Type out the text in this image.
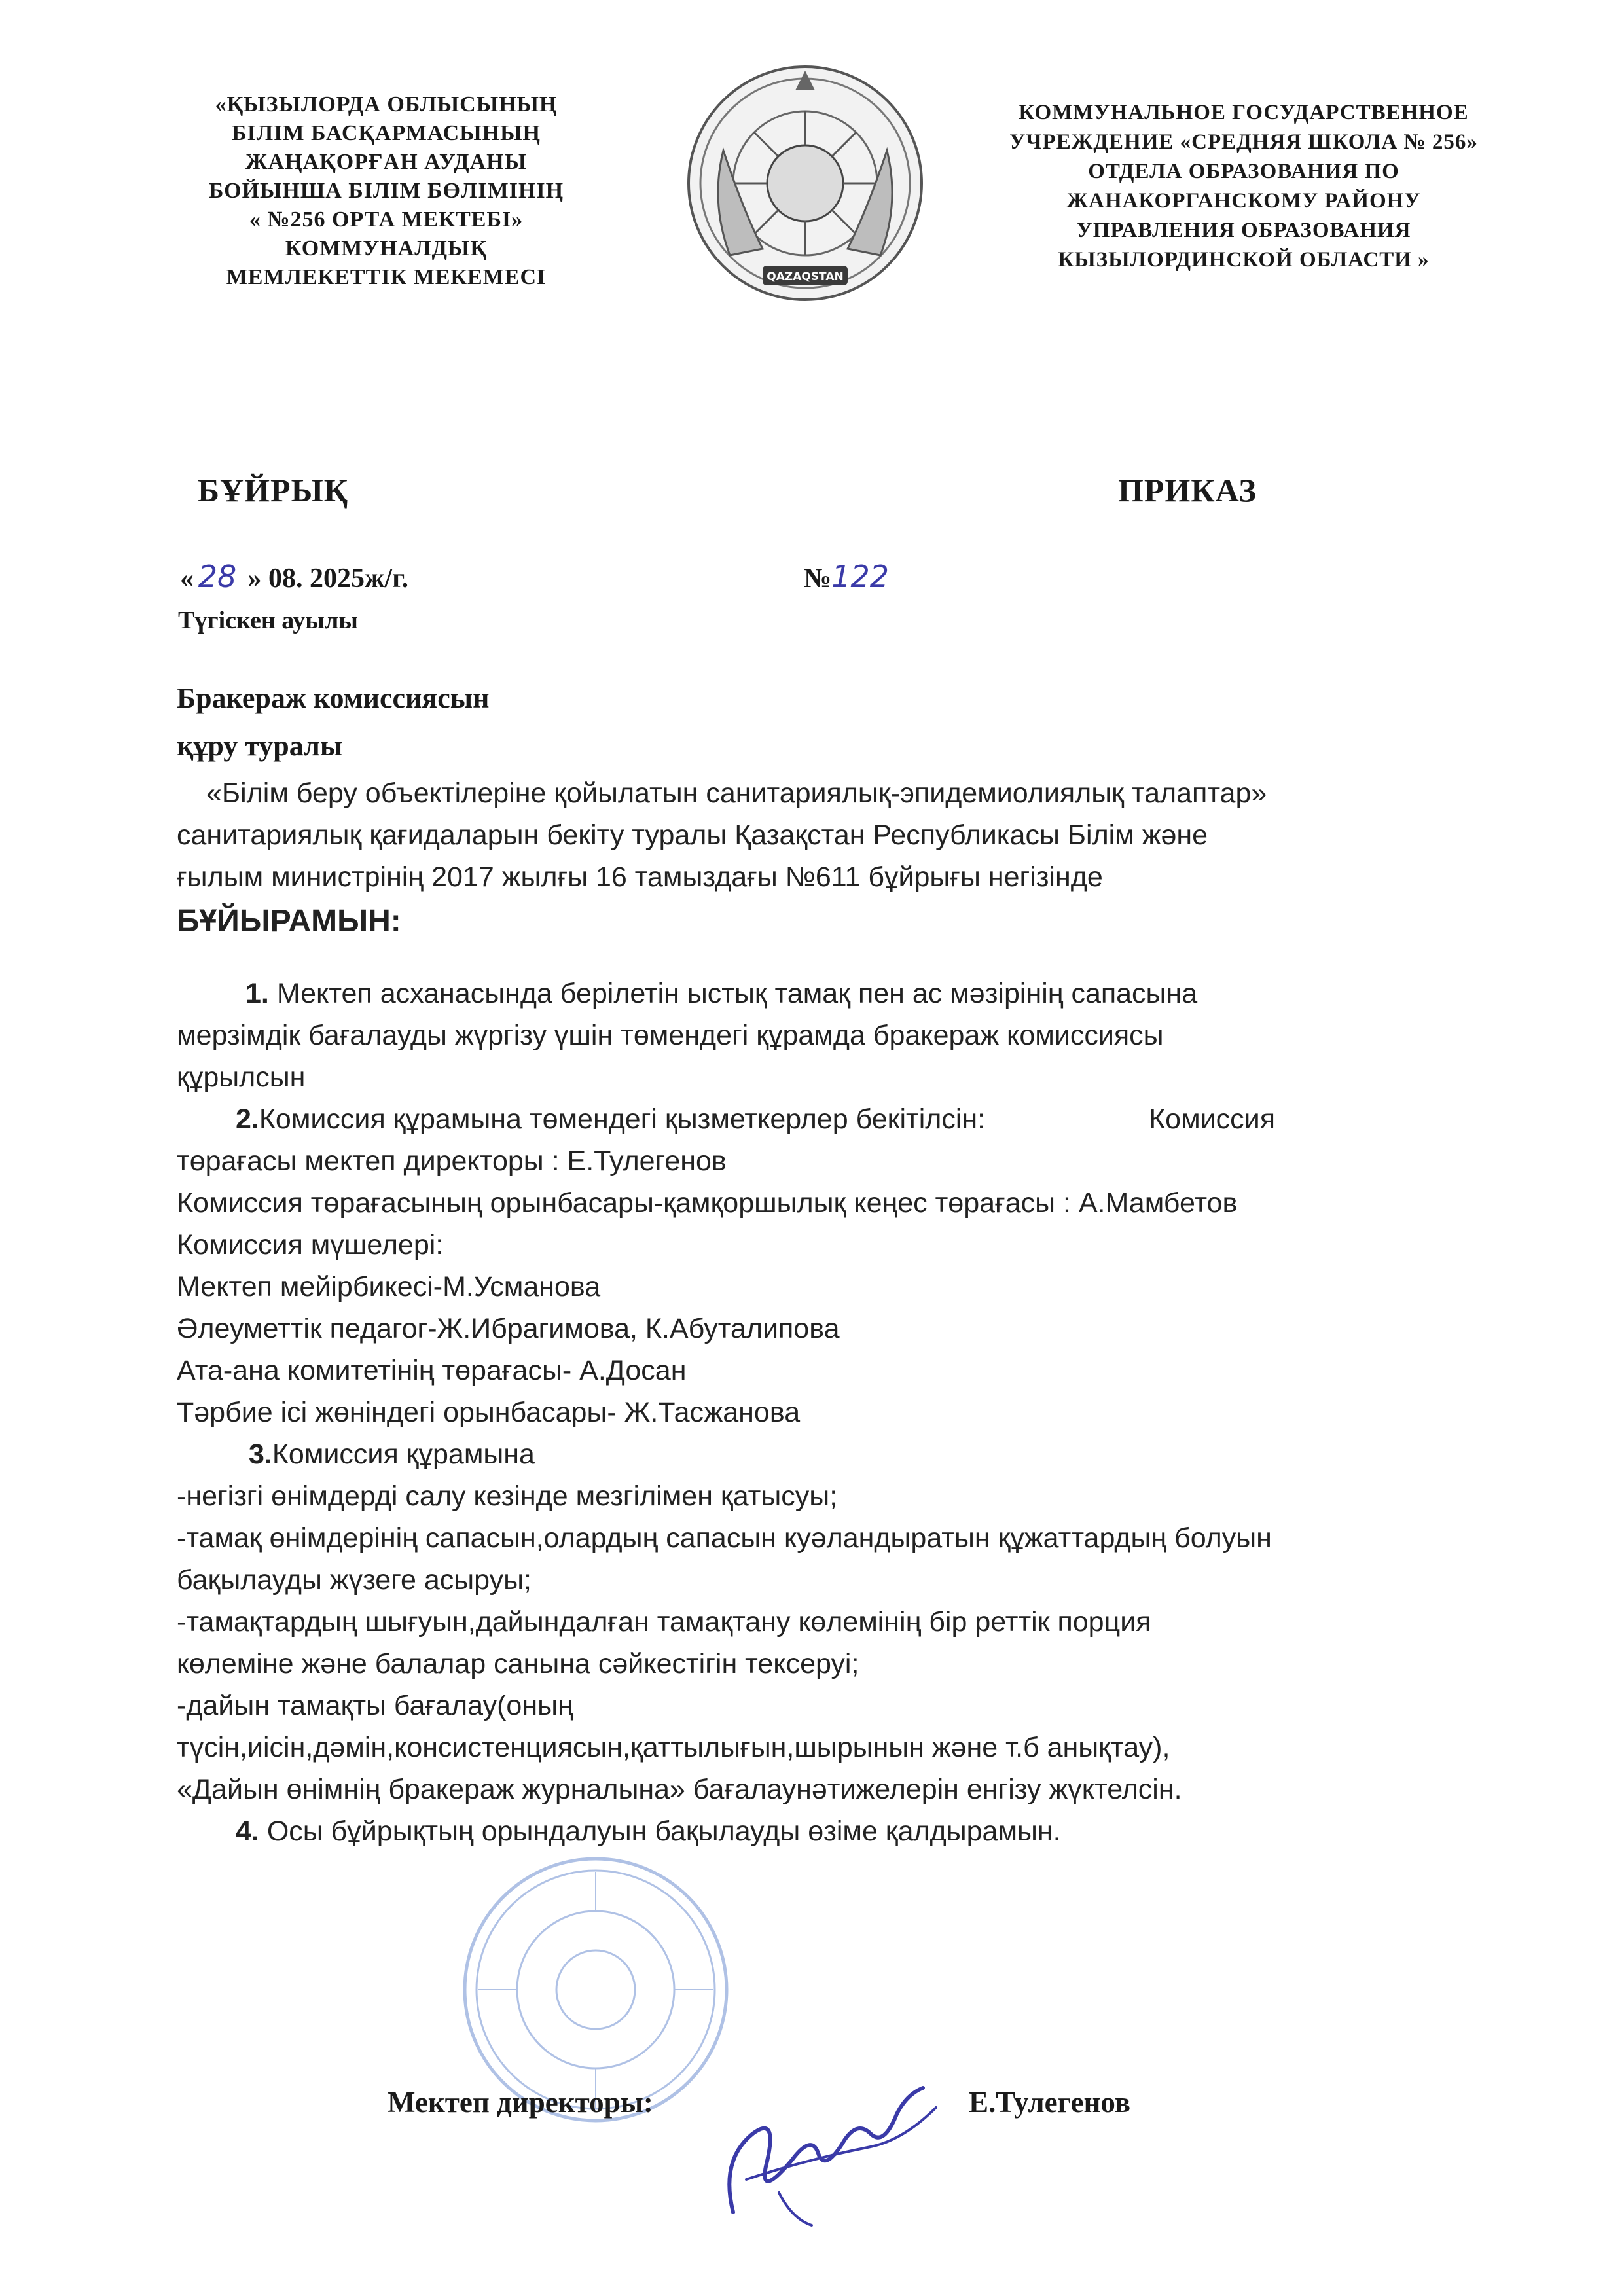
«ҚЫЗЫЛОРДА ОБЛЫСЫНЫҢ
БІЛІМ БАСҚАРМАСЫНЫҢ
ЖАҢАҚОРҒАН АУДАНЫ
БОЙЫНША БІЛІМ БӨЛІМІНІҢ
« №256 ОРТА МЕКТЕБІ»
КОММУНАЛДЫҚ
МЕМЛЕКЕТТІК МЕКЕМЕСІ	QAZAQSTAN
КОММУНАЛЬНОЕ ГОСУДАРСТВЕННОЕ
УЧРЕЖДЕНИЕ «СРЕДНЯЯ ШКОЛА № 256»
ОТДЕЛА ОБРАЗОВАНИЯ ПО
ЖАНАКОРГАНСКОМУ РАЙОНУ
УПРАВЛЕНИЯ ОБРАЗОВАНИЯ
КЫЗЫЛОРДИНСКОЙ ОБЛАСТИ »
БҰЙРЫҚ	ПРИКАЗ
« 28 » 08. 2025ж/г.	№122
Түгіскен ауылы
Бракераж комиссиясын
құру туралы

«Білім беру объектілеріне қойылатын санитариялық-эпидемиолиялық талаптар»

санитариялық қағидаларын бекіту туралы Қазақстан Республикасы Білім және

ғылым министрінің 2017 жылғы 16 тамыздағы №611 бұйрығы негізінде

БҰЙЫРАМЫН:

1. Мектеп асханасында берілетін ыстық тамақ пен ас мәзірінің сапасына

мерзімдік бағалауды жүргізу үшін төмендегі құрамда бракераж комиссиясы

құрылсын

2.Комиссия құрамына төмендегі қызметкерлер бекітілсін:	Комиссия

төрағасы мектеп директоры : Е.Тулегенов

Комиссия төрағасының орынбасары-қамқоршылық кеңес төрағасы : А.Мамбетов

Комиссия мүшелері:

Мектеп мейірбикесі-М.Усманова

Әлеуметтік педагог-Ж.Ибрагимова, К.Абуталипова

Ата-ана комитетінің төрағасы- А.Досан

Тәрбие ісі жөніндегі орынбасары- Ж.Тасжанова

3.Комиссия құрамына

-негізгі өнімдерді салу кезінде мезгілімен қатысуы;

-тамақ өнімдерінің сапасын,олардың сапасын куәландыратын құжаттардың болуын

бақылауды жүзеге асыруы;

-тамақтардың шығуын,дайындалған тамақтану көлемінің бір реттік порция

көлеміне және балалар санына сәйкестігін тексеруі;

-дайын тамақты бағалау(оның

түсін,иісін,дәмін,консистенциясын,қаттылығын,шырынын және т.б анықтау),

«Дайын өнімнің бракераж журналына» бағалаунәтижелерін енгізу жүктелсін.

4. Осы бұйрықтың орындалуын бақылауды өзіме қалдырамын.

Мектеп директоры:	Е.Тулегенов
